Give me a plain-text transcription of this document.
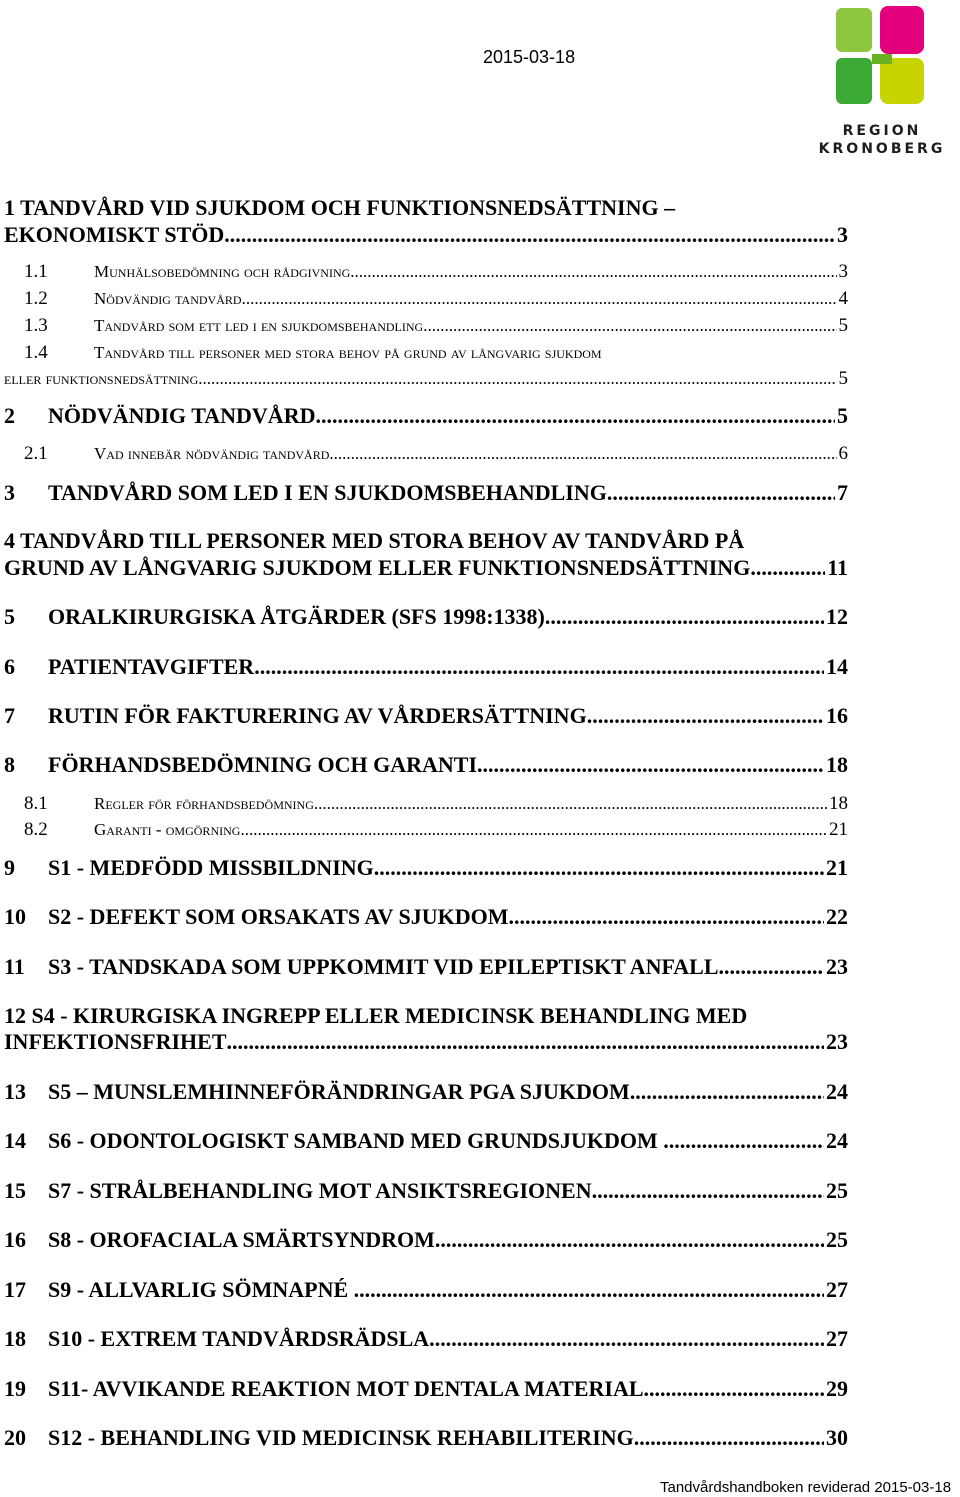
2015-03-18
REGION
KRONOBERG
1 TANDVÅRD VID SJUKDOM OCH FUNKTIONSNEDSÄTTNING –
EKONOMISKT STÖD .....	3
1.1	Munhälsobedömning och rådgivning .....	3
1.2	Nödvändig tandvård .....	4
1.3	Tandvård som ett led i en sjukdomsbehandling .....	5
1.4	Tandvård till personer med stora behov på grund av långvarig sjukdom
eller funktionsnedsättning .....	5
2	NÖDVÄNDIG TANDVÅRD .....	5
2.1	Vad innebär nödvändig tandvård .....	6
3	TANDVÅRD SOM LED I EN SJUKDOMSBEHANDLING .....	7
4 TANDVÅRD TILL PERSONER MED STORA BEHOV AV TANDVÅRD PÅ
GRUND AV LÅNGVARIG SJUKDOM ELLER FUNKTIONSNEDSÄTTNING .....	11
5	ORALKIRURGISKA ÅTGÄRDER (SFS 1998:1338) .....	12
6	PATIENTAVGIFTER .....	14
7	RUTIN FÖR FAKTURERING AV VÅRDERSÄTTNING .....	16
8	FÖRHANDSBEDÖMNING OCH GARANTI. .....	18
8.1	Regler för förhandsbedömning. .....	18
8.2	Garanti - omgörning .....	21
9	S1 - MEDFÖDD MISSBILDNING .....	21
10	S2 - DEFEKT SOM ORSAKATS AV SJUKDOM .....	22
11	S3 - TANDSKADA SOM UPPKOMMIT VID EPILEPTISKT ANFALL .....	23
12 S4 - KIRURGISKA INGREPP ELLER MEDICINSK BEHANDLING MED
INFEKTIONSFRIHET .....	23
13	S5 – MUNSLEMHINNEFÖRÄNDRINGAR PGA SJUKDOM .....	24
14	S6 - ODONTOLOGISKT SAMBAND MED GRUNDSJUKDOM . .....	24
15	S7 - STRÅLBEHANDLING MOT ANSIKTSREGIONEN. .....	25
16	S8 - OROFACIALA SMÄRTSYNDROM. .....	25
17	S9 - ALLVARLIG SÖMNAPNÉ . .....	27
18	S10 - EXTREM TANDVÅRDSRÄDSLA. .....	27
19	S11- AVVIKANDE REAKTION MOT DENTALA MATERIAL .....	29
20	S12 - BEHANDLING VID MEDICINSK REHABILITERING. .....	30
Tandvårdshandboken reviderad 2015-03-18
